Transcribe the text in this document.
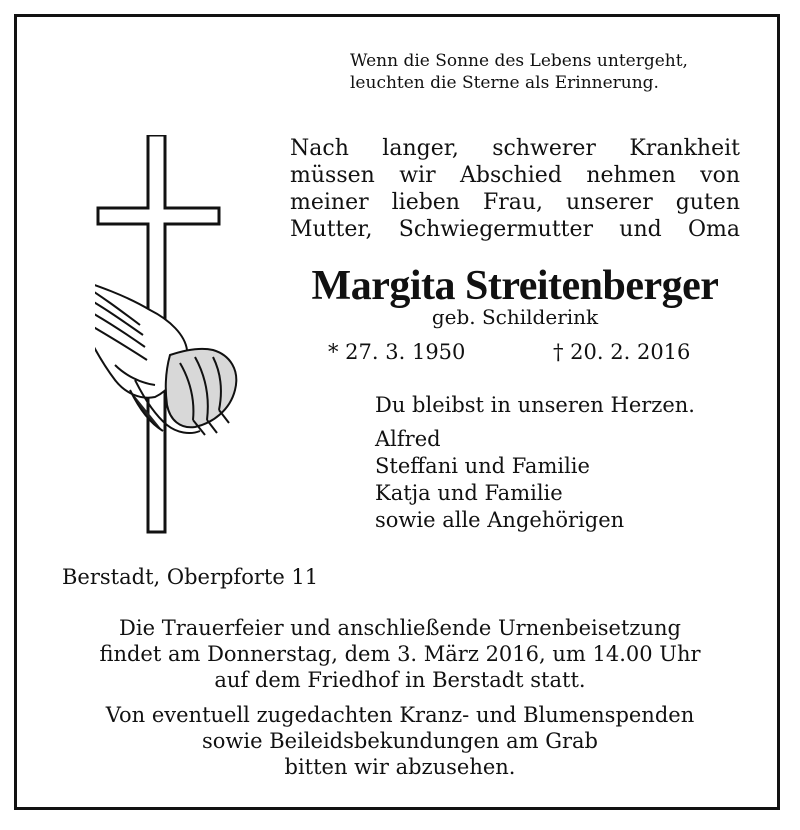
Wenn die Sonne des Lebens untergeht,
leuchten die Sterne als Erinnerung.
Nach langer, schwerer Krankheit
müssen wir Abschied nehmen von
meiner lieben Frau, unserer guten
Mutter, Schwiegermutter und Oma
Margita Streitenberger
geb. Schilderink
* 27. 3. 1950	† 20. 2. 2016
Du bleibst in unseren Herzen.
Alfred
Steffani und Familie
Katja und Familie
sowie alle Angehörigen
Berstadt, Oberpforte 11
Die Trauerfeier und anschließende Urnenbeisetzung
findet am Donnerstag, dem 3. März 2016, um 14.00 Uhr
auf dem Friedhof in Berstadt statt.
Von eventuell zugedachten Kranz- und Blumenspenden
sowie Beileidsbekundungen am Grab
bitten wir abzusehen.
